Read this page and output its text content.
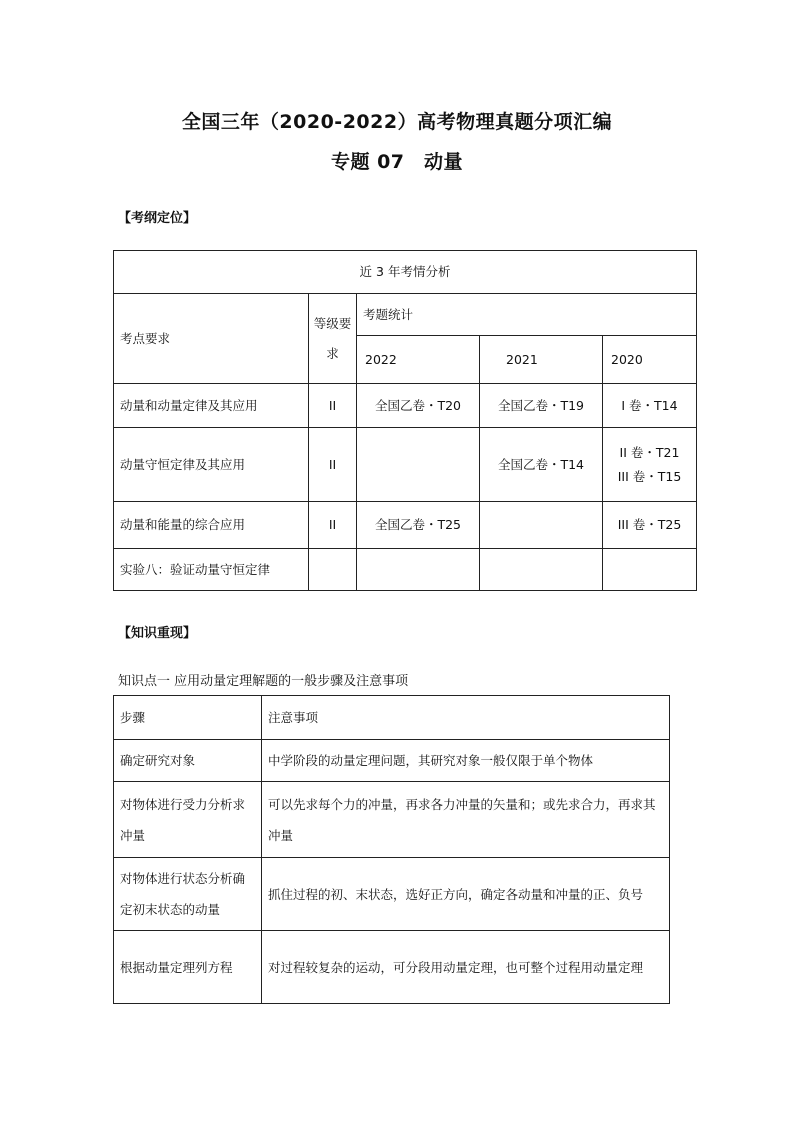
全国三年（2020-2022）高考物理真题分项汇编
专题 07　动量
【考纲定位】
近 3 年考情分析				
考点要求	等级要求	考题统计		
		2022	2021	2020
动量和动量定律及其应用	II	全国乙卷・T20	全国乙卷・T19	I 卷・T14
动量守恒定律及其应用	II		全国乙卷・T14	II 卷・T21
III 卷・T15

动量和能量的综合应用	II	全国乙卷・T25		III 卷・T25
实验八：验证动量守恒定律				
【知识重现】
知识点一 应用动量定理解题的一般步骤及注意事项
步骤	注意事项
确定研究对象	中学阶段的动量定理问题，其研究对象一般仅限于单个物体
对物体进行受力分析求冲量	可以先求每个力的冲量，再求各力冲量的矢量和；或先求合力，再求其冲量
对物体进行状态分析确定初末状态的动量	抓住过程的初、末状态，选好正方向，确定各动量和冲量的正、负号
根据动量定理列方程	对过程较复杂的运动，可分段用动量定理，也可整个过程用动量定理
